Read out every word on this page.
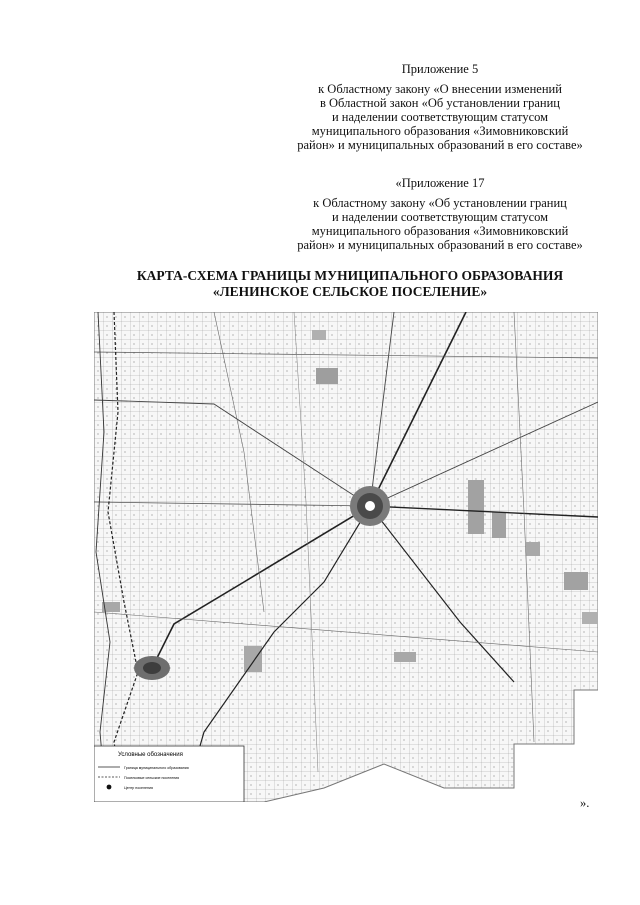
Приложение 5
к Областному закону «О внесении изменений
в Областной закон «Об установлении границ
и наделении соответствующим статусом
муниципального образования «Зимовниковский
район» и муниципальных образований в его составе»
«Приложение 17
к Областному закону «Об установлении границ
и наделении соответствующим статусом
муниципального образования «Зимовниковский
район» и муниципальных образований в его составе»
КАРТА-СХЕМА ГРАНИЦЫ МУНИЦИПАЛЬНОГО ОБРАЗОВАНИЯ
«ЛЕНИНСКОЕ СЕЛЬСКОЕ ПОСЕЛЕНИЕ»
Условные обозначения
Граница муниципального образования
Поселковые сельские поселения
Центр поселения
».
